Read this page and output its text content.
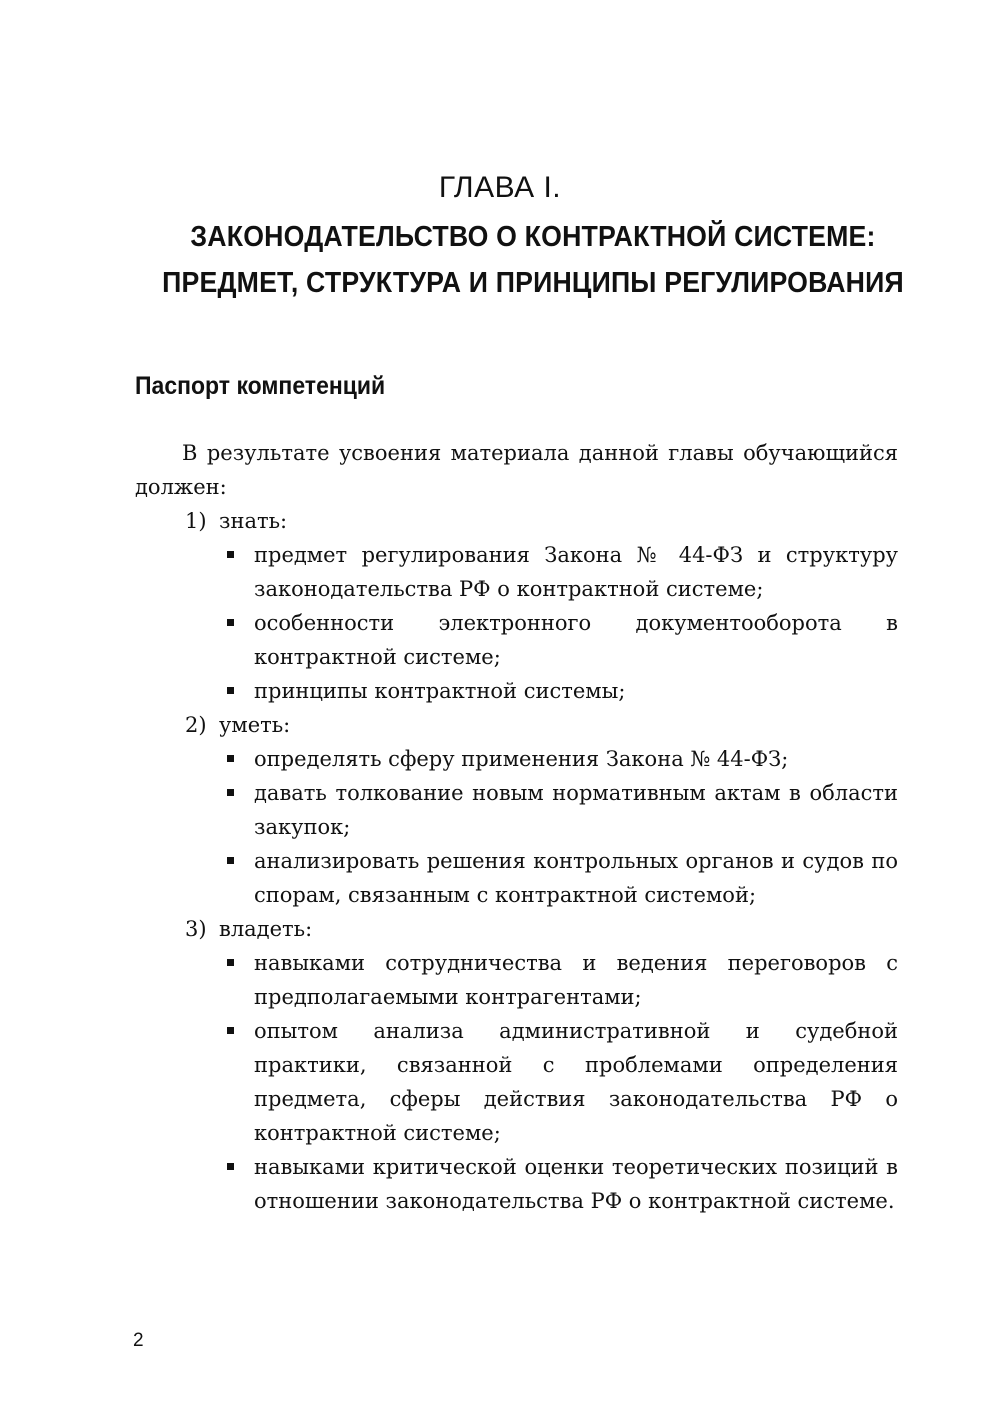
ГЛАВА I.
ЗАКОНОДАТЕЛЬСТВО О КОНТРАКТНОЙ СИСТЕМЕ:
ПРЕДМЕТ, СТРУКТУРА И ПРИНЦИПЫ РЕГУЛИРОВАНИЯ
Паспорт компетенций

В результате усвоения материала данной главы обучающийся должен:

1) знать:

предмет регулирования Закона № 44-ФЗ и структуру законодательства РФ о контрактной системе;
особенности электронного документооборота в контрактной системе;
принципы контрактной системы;

2) уметь:

определять сферу применения Закона № 44-ФЗ;
давать толкование новым нормативным актам в области закупок;
анализировать решения контрольных органов и судов по спорам, связанным с контрактной системой;

3) владеть:

навыками сотрудничества и ведения переговоров с предполагаемыми контрагентами;
опытом анализа административной и судебной практики, связанной с проблемами определения предмета, сферы действия законодательства РФ о контрактной системе;
навыками критической оценки теоретических позиций в отношении законодательства РФ о контрактной системе.
2
